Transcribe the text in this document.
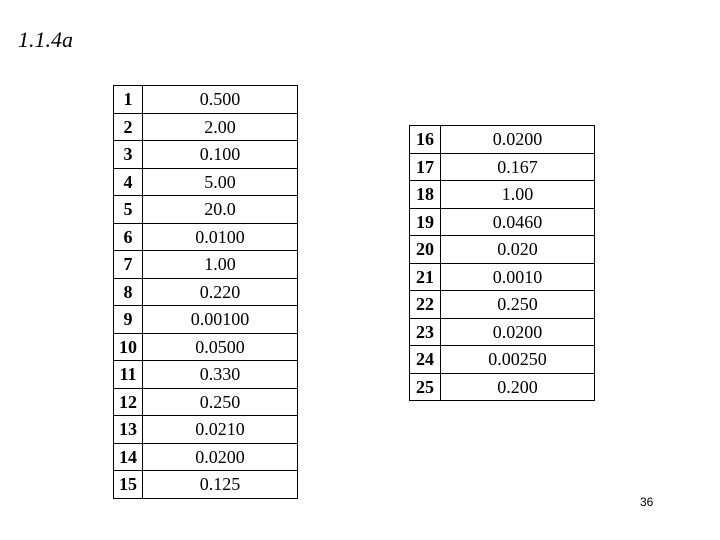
1.1.4a
1	0.500
2	2.00
3	0.100
4	5.00
5	20.0
6	0.0100
7	1.00
8	0.220
9	0.00100
10	0.0500
11	0.330
12	0.250
13	0.0210
14	0.0200
15	0.125
16	0.0200
17	0.167
18	1.00
19	0.0460
20	0.020
21	0.0010
22	0.250
23	0.0200
24	0.00250
25	0.200
36
